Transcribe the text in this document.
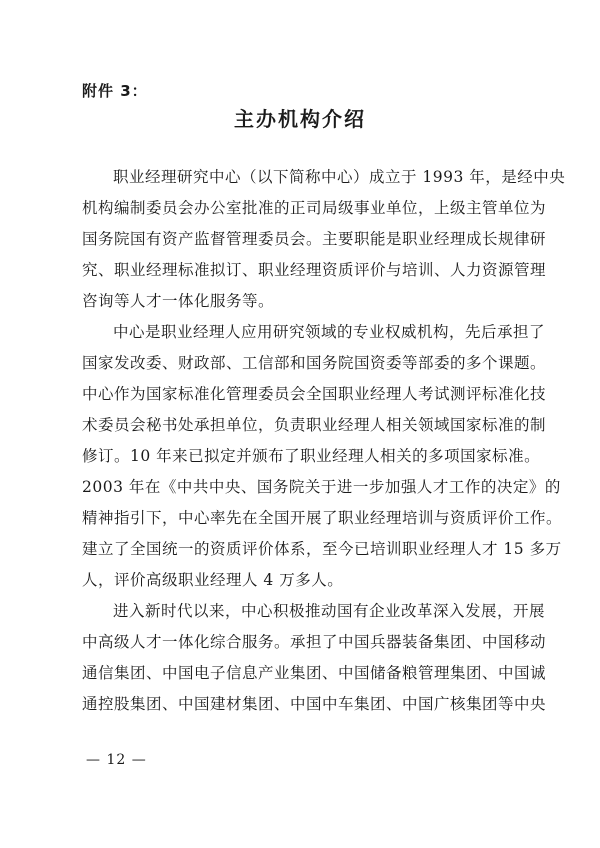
附件 3：
主办机构介绍
职业经理研究中心（以下简称中心）成立于 1993 年，是经中央
机构编制委员会办公室批准的正司局级事业单位，上级主管单位为
国务院国有资产监督管理委员会。主要职能是职业经理成长规律研
究、职业经理标准拟订、职业经理资质评价与培训、人力资源管理
咨询等人才一体化服务等。
中心是职业经理人应用研究领域的专业权威机构，先后承担了
国家发改委、财政部、工信部和国务院国资委等部委的多个课题。
中心作为国家标准化管理委员会全国职业经理人考试测评标准化技
术委员会秘书处承担单位，负责职业经理人相关领域国家标准的制
修订。10 年来已拟定并颁布了职业经理人相关的多项国家标准。
2003 年在《中共中央、国务院关于进一步加强人才工作的决定》的
精神指引下，中心率先在全国开展了职业经理培训与资质评价工作。
建立了全国统一的资质评价体系，至今已培训职业经理人才 15 多万
人，评价高级职业经理人 4 万多人。
进入新时代以来，中心积极推动国有企业改革深入发展，开展
中高级人才一体化综合服务。承担了中国兵器装备集团、中国移动
通信集团、中国电子信息产业集团、中国储备粮管理集团、中国诚
通控股集团、中国建材集团、中国中车集团、中国广核集团等中央
— 12 —
